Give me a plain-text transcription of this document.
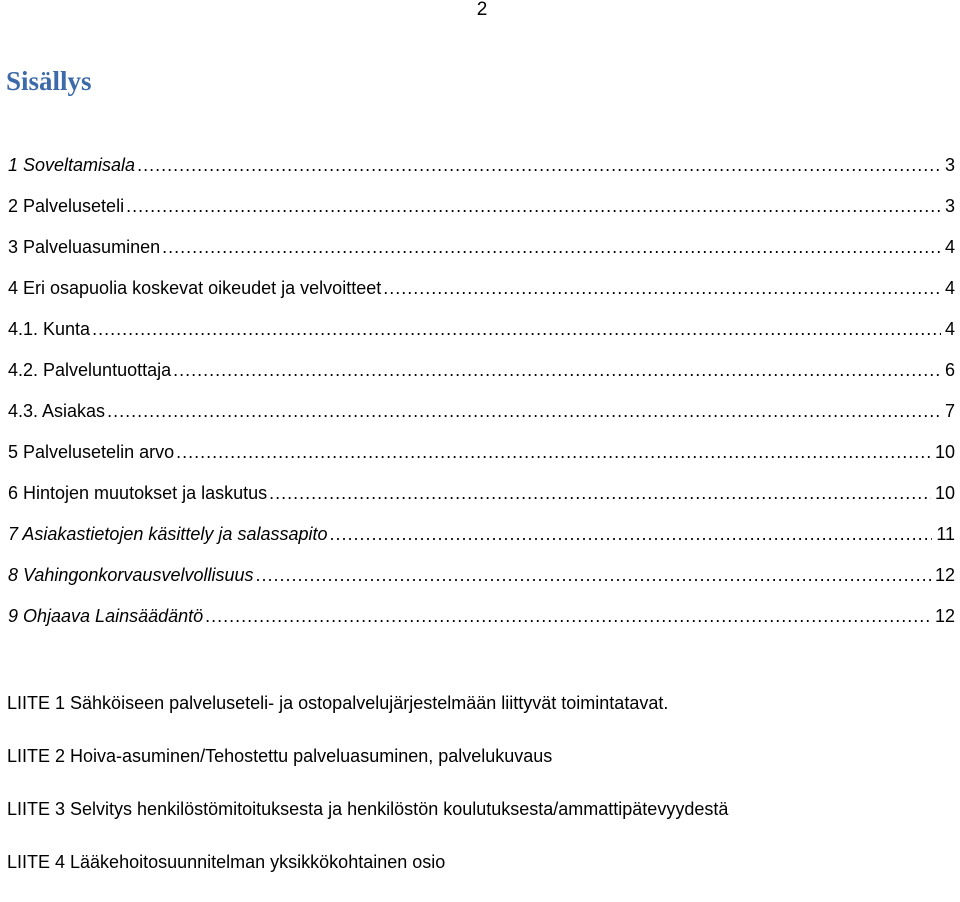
2
Sisällys
1 Soveltamisala .....	3
2 Palveluseteli .....	3
3 Palveluasuminen .....	4
4 Eri osapuolia koskevat oikeudet ja velvoitteet .....	4
4.1. Kunta .....	4
4.2. Palveluntuottaja .....	6
4.3. Asiakas .....	7
5 Palvelusetelin arvo .....	10
6 Hintojen muutokset ja laskutus .....	10
7 Asiakastietojen käsittely ja salassapito .....	11
8 Vahingonkorvausvelvollisuus .....	12
9 Ohjaava Lainsäädäntö .....	12
LIITE 1 Sähköiseen palveluseteli- ja ostopalvelujärjestelmään liittyvät toimintatavat.
LIITE 2 Hoiva-asuminen/Tehostettu palveluasuminen, palvelukuvaus
LIITE 3 Selvitys henkilöstömitoituksesta ja henkilöstön koulutuksesta/ammattipätevyydestä
LIITE 4 Lääkehoitosuunnitelman yksikkökohtainen osio
